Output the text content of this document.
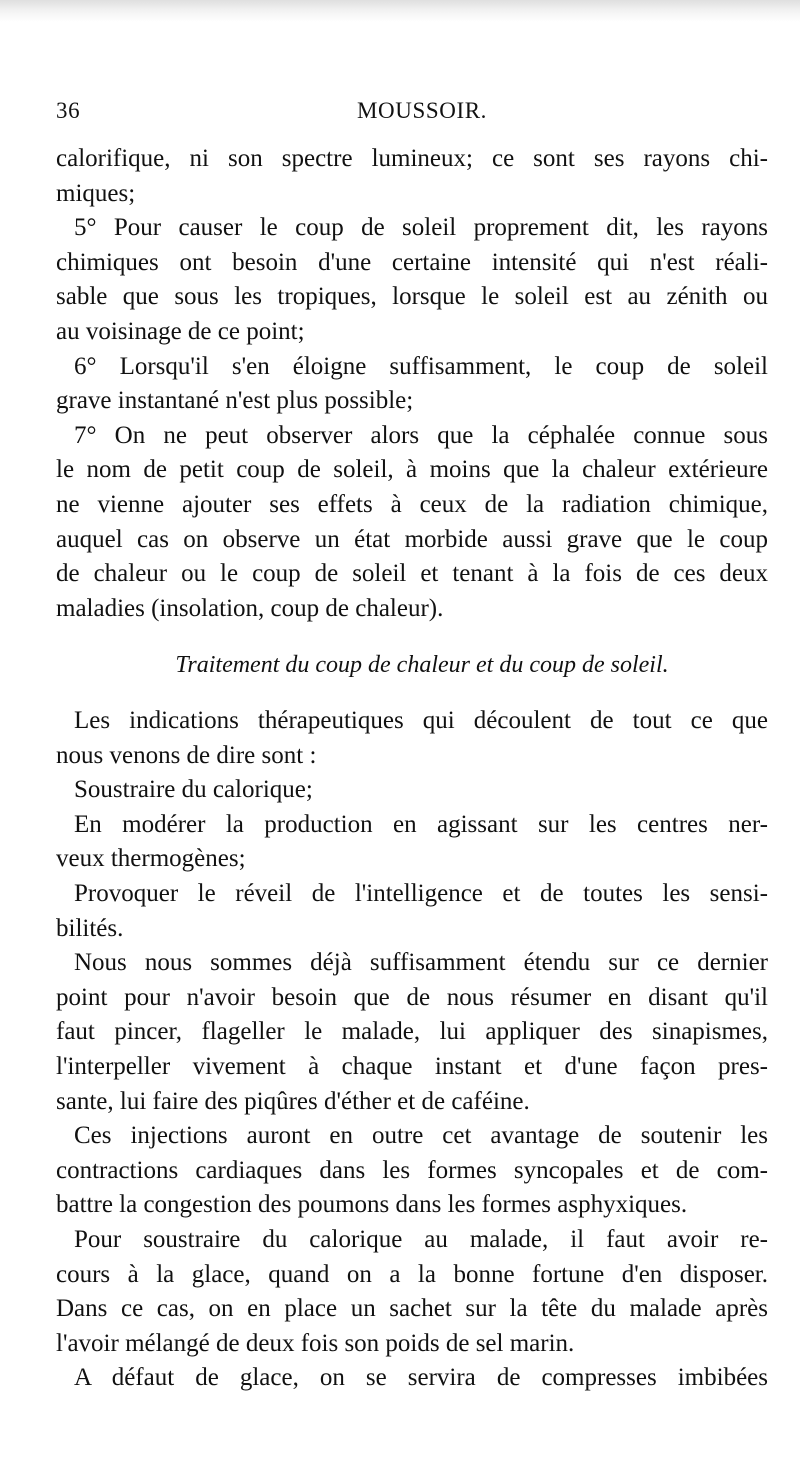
36	MOUSSOIR.
calorifique, ni son spectre lumineux; ce sont ses rayons chi-
miques;
5° Pour causer le coup de soleil proprement dit, les rayons
chimiques ont besoin d'une certaine intensité qui n'est réali-
sable que sous les tropiques, lorsque le soleil est au zénith ou
au voisinage de ce point;
6° Lorsqu'il s'en éloigne suffisamment, le coup de soleil
grave instantané n'est plus possible;
7° On ne peut observer alors que la céphalée connue sous
le nom de petit coup de soleil, à moins que la chaleur extérieure
ne vienne ajouter ses effets à ceux de la radiation chimique,
auquel cas on observe un état morbide aussi grave que le coup
de chaleur ou le coup de soleil et tenant à la fois de ces deux
maladies (insolation, coup de chaleur).
Traitement du coup de chaleur et du coup de soleil.
Les indications thérapeutiques qui découlent de tout ce que
nous venons de dire sont :
Soustraire du calorique;
En modérer la production en agissant sur les centres ner-
veux thermogènes;
Provoquer le réveil de l'intelligence et de toutes les sensi-
bilités.
Nous nous sommes déjà suffisamment étendu sur ce dernier
point pour n'avoir besoin que de nous résumer en disant qu'il
faut pincer, flageller le malade, lui appliquer des sinapismes,
l'interpeller vivement à chaque instant et d'une façon pres-
sante, lui faire des piqûres d'éther et de caféine.
Ces injections auront en outre cet avantage de soutenir les
contractions cardiaques dans les formes syncopales et de com-
battre la congestion des poumons dans les formes asphyxiques.
Pour soustraire du calorique au malade, il faut avoir re-
cours à la glace, quand on a la bonne fortune d'en disposer.
Dans ce cas, on en place un sachet sur la tête du malade après
l'avoir mélangé de deux fois son poids de sel marin.
A défaut de glace, on se servira de compresses imbibées
